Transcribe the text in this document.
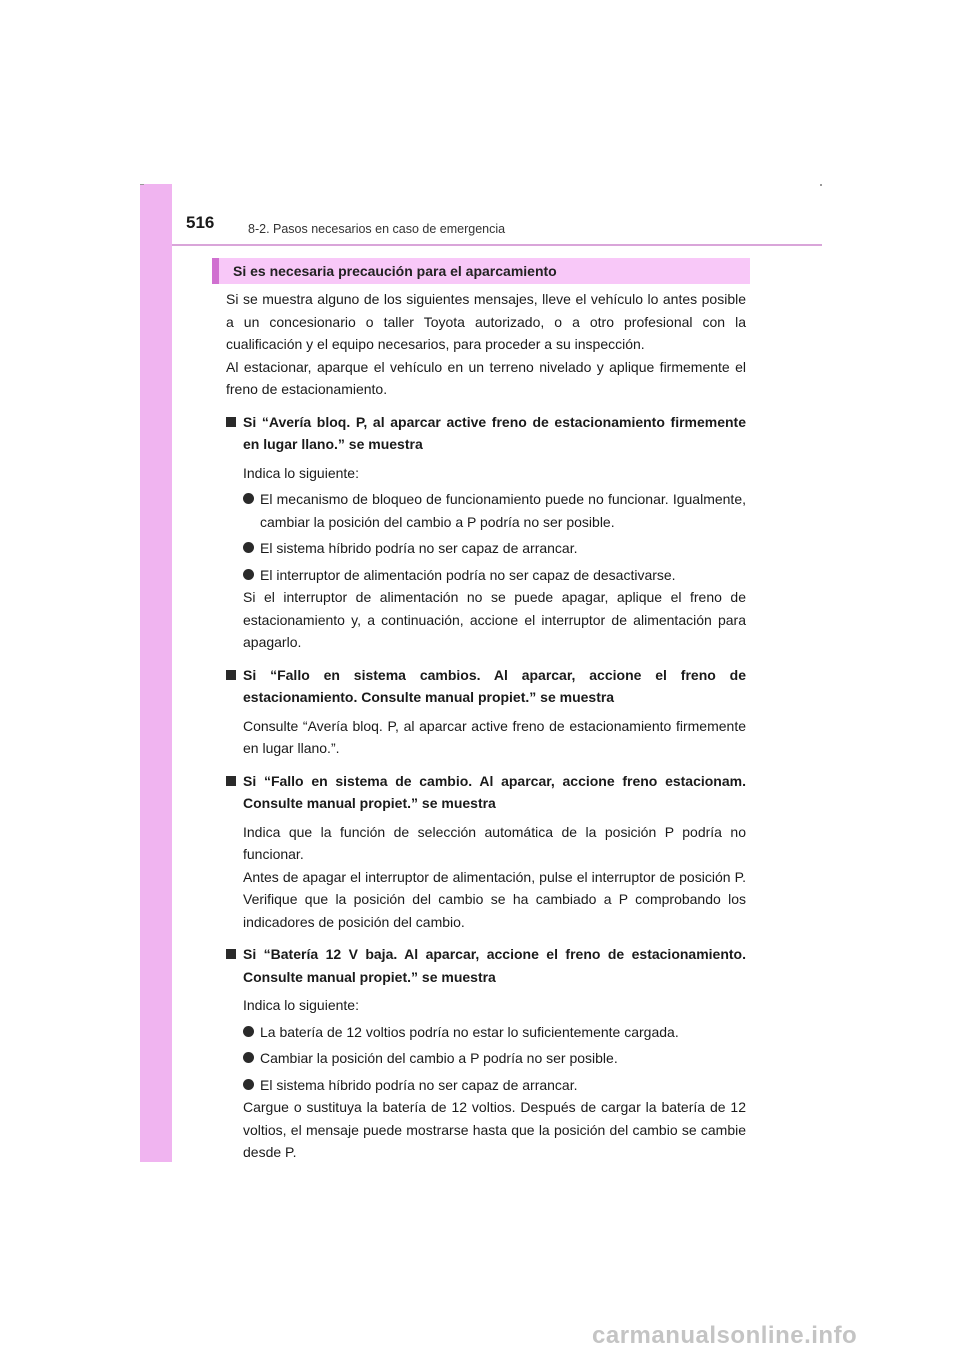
516	8-2. Pasos necesarios en caso de emergencia
Si es necesaria precaución para el aparcamiento

Si se muestra alguno de los siguientes mensajes, lleve el vehículo lo antes posible a un concesionario o taller Toyota autorizado, o a otro profesional con la cualificación y el equipo necesarios, para proceder a su inspección.

Al estacionar, aparque el vehículo en un terreno nivelado y aplique firmemente el freno de estacionamiento.

Si “Avería bloq. P, al aparcar active freno de estacionamiento firmemente en lugar llano.” se muestra

Indica lo siguiente:

El mecanismo de bloqueo de funcionamiento puede no funcionar. Igualmente, cambiar la posición del cambio a P podría no ser posible.
El sistema híbrido podría no ser capaz de arrancar.
El interruptor de alimentación podría no ser capaz de desactivarse.

Si el interruptor de alimentación no se puede apagar, aplique el freno de estacionamiento y, a continuación, accione el interruptor de alimentación para apagarlo.

Si “Fallo en sistema cambios. Al aparcar, accione el freno de estacionamiento. Consulte manual propiet.” se muestra

Consulte “Avería bloq. P, al aparcar active freno de estacionamiento firmemente en lugar llano.”.

Si “Fallo en sistema de cambio. Al aparcar, accione freno estacionam. Consulte manual propiet.” se muestra

Indica que la función de selección automática de la posición P podría no funcionar.

Antes de apagar el interruptor de alimentación, pulse el interruptor de posición P. Verifique que la posición del cambio se ha cambiado a P comprobando los indicadores de posición del cambio.

Si “Batería 12 V baja. Al aparcar, accione el freno de estacionamiento. Consulte manual propiet.” se muestra

Indica lo siguiente:

La batería de 12 voltios podría no estar lo suficientemente cargada.
Cambiar la posición del cambio a P podría no ser posible.
El sistema híbrido podría no ser capaz de arrancar.

Cargue o sustituya la batería de 12 voltios. Después de cargar la batería de 12 voltios, el mensaje puede mostrarse hasta que la posición del cambio se cambie desde P.

carmanualsonline.info
